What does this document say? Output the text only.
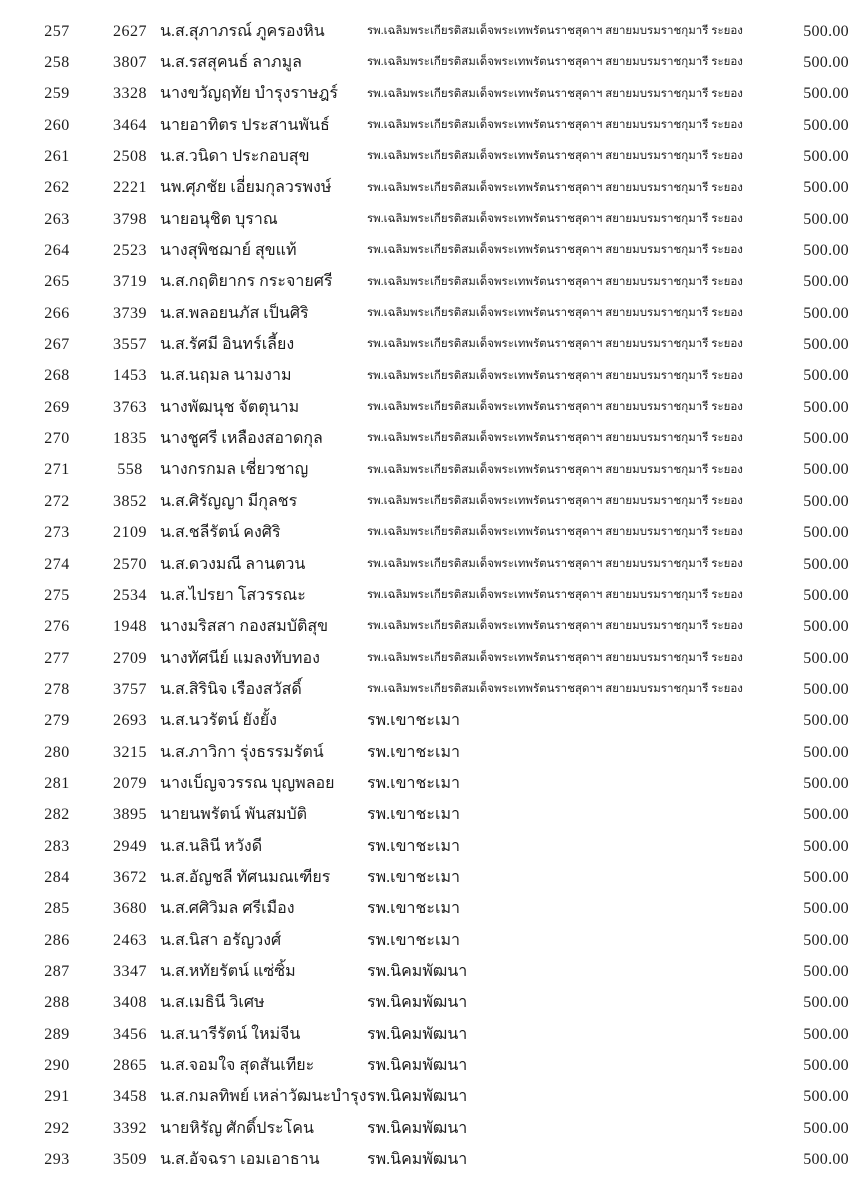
257	2627	น.ส.สุภาภรณ์ ภูครองหิน	รพ.เฉลิมพระเกียรติสมเด็จพระเทพรัตนราชสุดาฯ สยายมบรมราชกุมารี ระยอง	500.00
258	3807	น.ส.รสสุคนธ์ ลาภมูล	รพ.เฉลิมพระเกียรติสมเด็จพระเทพรัตนราชสุดาฯ สยายมบรมราชกุมารี ระยอง	500.00
259	3328	นางขวัญฤทัย บำรุงราษฎร์	รพ.เฉลิมพระเกียรติสมเด็จพระเทพรัตนราชสุดาฯ สยายมบรมราชกุมารี ระยอง	500.00
260	3464	นายอาทิตร ประสานพันธ์	รพ.เฉลิมพระเกียรติสมเด็จพระเทพรัตนราชสุดาฯ สยายมบรมราชกุมารี ระยอง	500.00
261	2508	น.ส.วนิดา ประกอบสุข	รพ.เฉลิมพระเกียรติสมเด็จพระเทพรัตนราชสุดาฯ สยายมบรมราชกุมารี ระยอง	500.00
262	2221	นพ.ศุภชัย เอี่ยมกุลวรพงษ์	รพ.เฉลิมพระเกียรติสมเด็จพระเทพรัตนราชสุดาฯ สยายมบรมราชกุมารี ระยอง	500.00
263	3798	นายอนุชิต บุราณ	รพ.เฉลิมพระเกียรติสมเด็จพระเทพรัตนราชสุดาฯ สยายมบรมราชกุมารี ระยอง	500.00
264	2523	นางสุพิชฌาย์ สุขแท้	รพ.เฉลิมพระเกียรติสมเด็จพระเทพรัตนราชสุดาฯ สยายมบรมราชกุมารี ระยอง	500.00
265	3719	น.ส.กฤติยากร กระจายศรี	รพ.เฉลิมพระเกียรติสมเด็จพระเทพรัตนราชสุดาฯ สยายมบรมราชกุมารี ระยอง	500.00
266	3739	น.ส.พลอยนภัส เป็นศิริ	รพ.เฉลิมพระเกียรติสมเด็จพระเทพรัตนราชสุดาฯ สยายมบรมราชกุมารี ระยอง	500.00
267	3557	น.ส.รัศมี อินทร์เลี้ยง	รพ.เฉลิมพระเกียรติสมเด็จพระเทพรัตนราชสุดาฯ สยายมบรมราชกุมารี ระยอง	500.00
268	1453	น.ส.นฤมล นามงาม	รพ.เฉลิมพระเกียรติสมเด็จพระเทพรัตนราชสุดาฯ สยายมบรมราชกุมารี ระยอง	500.00
269	3763	นางพัฒนุช จัตตุนาม	รพ.เฉลิมพระเกียรติสมเด็จพระเทพรัตนราชสุดาฯ สยายมบรมราชกุมารี ระยอง	500.00
270	1835	นางชูศรี เหลืองสอาดกุล	รพ.เฉลิมพระเกียรติสมเด็จพระเทพรัตนราชสุดาฯ สยายมบรมราชกุมารี ระยอง	500.00
271	558	นางกรกมล เชี่ยวชาญ	รพ.เฉลิมพระเกียรติสมเด็จพระเทพรัตนราชสุดาฯ สยายมบรมราชกุมารี ระยอง	500.00
272	3852	น.ส.ศิรัญญา มีกุลชร	รพ.เฉลิมพระเกียรติสมเด็จพระเทพรัตนราชสุดาฯ สยายมบรมราชกุมารี ระยอง	500.00
273	2109	น.ส.ชลีรัตน์ คงศิริ	รพ.เฉลิมพระเกียรติสมเด็จพระเทพรัตนราชสุดาฯ สยายมบรมราชกุมารี ระยอง	500.00
274	2570	น.ส.ดวงมณี ลานตวน	รพ.เฉลิมพระเกียรติสมเด็จพระเทพรัตนราชสุดาฯ สยายมบรมราชกุมารี ระยอง	500.00
275	2534	น.ส.ไปรยา โสวรรณะ	รพ.เฉลิมพระเกียรติสมเด็จพระเทพรัตนราชสุดาฯ สยายมบรมราชกุมารี ระยอง	500.00
276	1948	นางมริสสา กองสมบัติสุข	รพ.เฉลิมพระเกียรติสมเด็จพระเทพรัตนราชสุดาฯ สยายมบรมราชกุมารี ระยอง	500.00
277	2709	นางทัศนีย์ แมลงทับทอง	รพ.เฉลิมพระเกียรติสมเด็จพระเทพรัตนราชสุดาฯ สยายมบรมราชกุมารี ระยอง	500.00
278	3757	น.ส.สิรินิจ เรืองสวัสดิ์	รพ.เฉลิมพระเกียรติสมเด็จพระเทพรัตนราชสุดาฯ สยายมบรมราชกุมารี ระยอง	500.00
279	2693	น.ส.นวรัตน์ ยังยั้ง	รพ.เขาชะเมา	500.00
280	3215	น.ส.ภาวิกา รุ่งธรรมรัตน์	รพ.เขาชะเมา	500.00
281	2079	นางเบ็ญจวรรณ บุญพลอย	รพ.เขาชะเมา	500.00
282	3895	นายนพรัตน์ พันสมบัติ	รพ.เขาชะเมา	500.00
283	2949	น.ส.นลินี หวังดี	รพ.เขาชะเมา	500.00
284	3672	น.ส.อัญชลี ทัศนมณเฑียร	รพ.เขาชะเมา	500.00
285	3680	น.ส.ศศิวิมล ศรีเมือง	รพ.เขาชะเมา	500.00
286	2463	น.ส.นิสา อรัญวงศ์	รพ.เขาชะเมา	500.00
287	3347	น.ส.หทัยรัตน์ แซ่ซิ้ม	รพ.นิคมพัฒนา	500.00
288	3408	น.ส.เมธินี วิเศษ	รพ.นิคมพัฒนา	500.00
289	3456	น.ส.นารีรัตน์ ใหม่จีน	รพ.นิคมพัฒนา	500.00
290	2865	น.ส.จอมใจ สุดสันเทียะ	รพ.นิคมพัฒนา	500.00
291	3458	น.ส.กมลทิพย์ เหล่าวัฒนะบำรุง	รพ.นิคมพัฒนา	500.00
292	3392	นายหิรัญ ศักดิ์ประโคน	รพ.นิคมพัฒนา	500.00
293	3509	น.ส.อัจฉรา เอมเอาธาน	รพ.นิคมพัฒนา	500.00
